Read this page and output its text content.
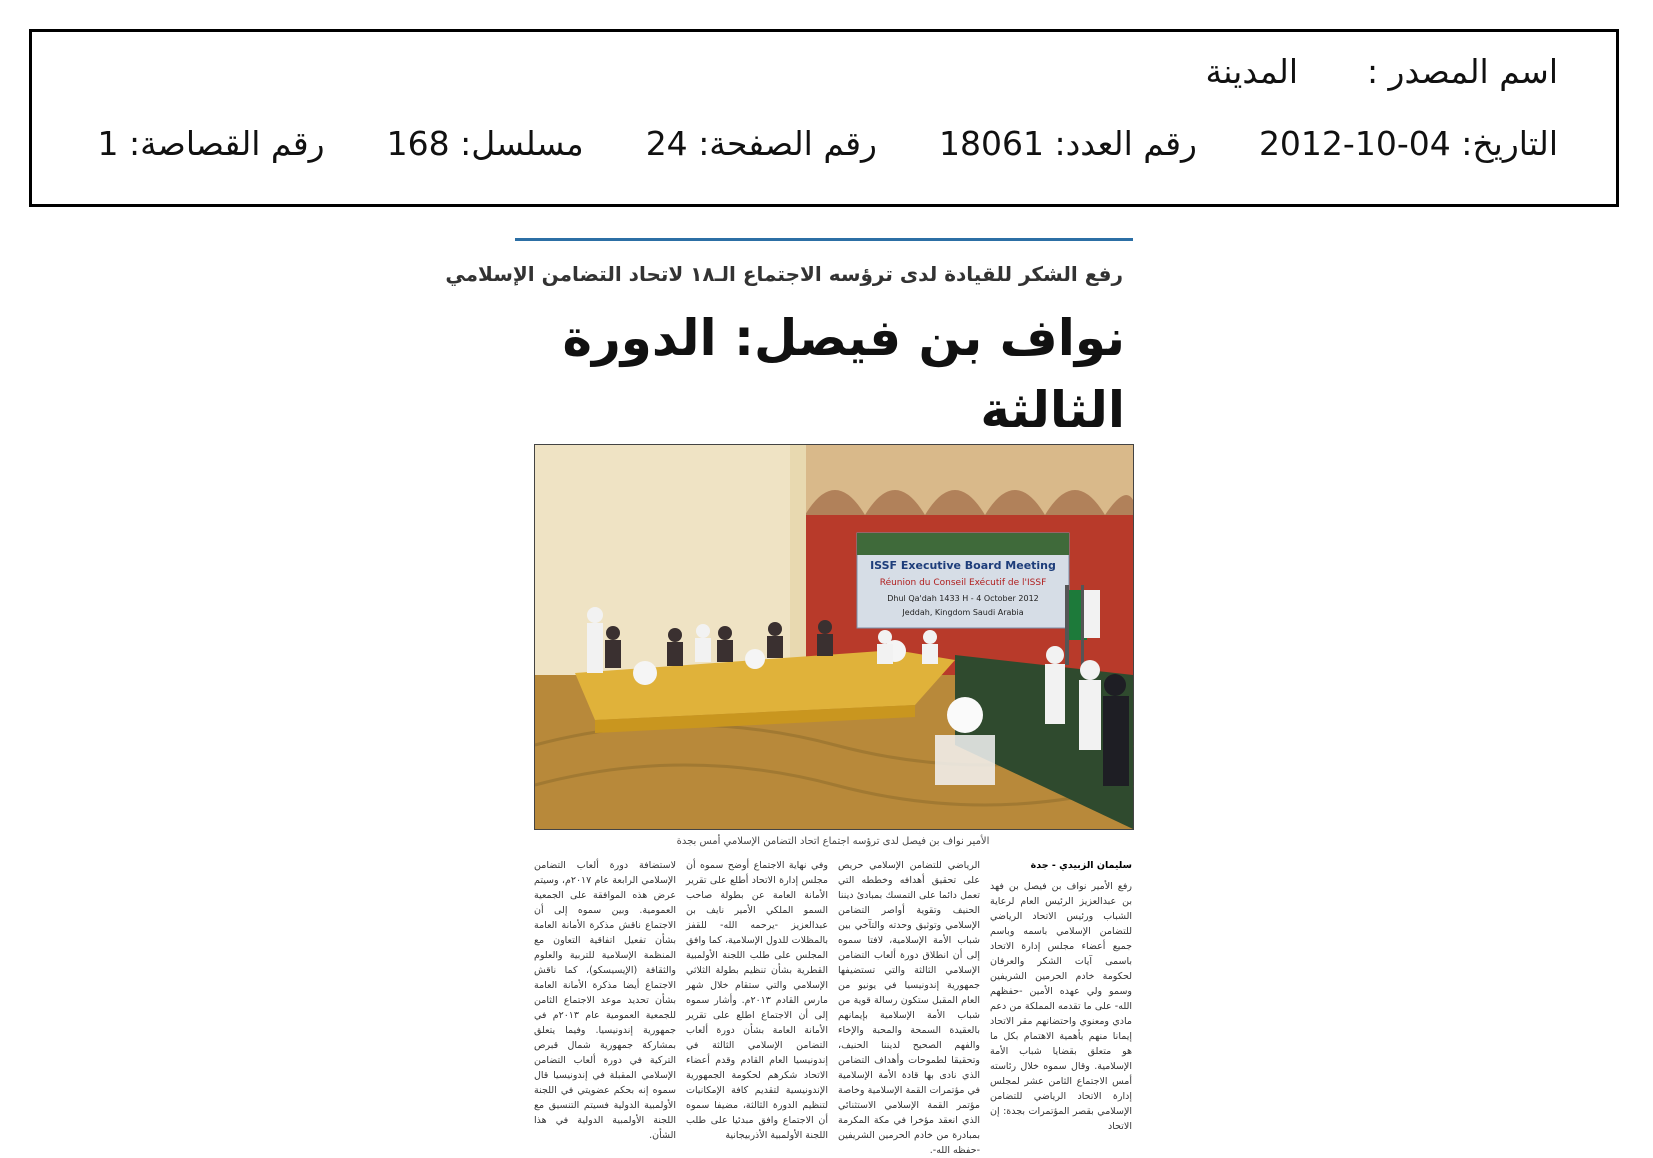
اسم المصدر :
المدينة
التاريخ: 2012-10-04
رقم العدد: 18061
رقم الصفحة: 24
مسلسل: 168
رقم القصاصة: 1
رفع الشكر للقيادة لدى ترؤسه الاجتماع الـ١٨ لاتحاد التضامن الإسلامي
نواف بن فيصل: الدورة الثالثة
ISSF Executive Board Meeting
Réunion du Conseil Exécutif de l'ISSF
Dhul Qa'dah 1433 H - 4 October 2012
Jeddah, Kingdom Saudi Arabia
الأمير نواف بن فيصل لدى ترؤسه اجتماع اتحاد التضامن الإسلامي أمس بجدة

سليمان الزبيدي - جدة

رفع الأمير نواف بن فيصل بن فهد بن عبدالعزيز الرئيس العام لرعاية الشباب ورئيس الاتحاد الرياضي للتضامن الإسلامي باسمه وباسم جميع أعضاء مجلس إدارة الاتحاد باسمى آيات الشكر والعرفان لحكومة خادم الحرمين الشريفين وسمو ولي عهده الأمين -حفظهم الله- على ما تقدمه المملكة من دعم مادي ومعنوي واحتضانهم مقر الاتحاد إيمانا منهم بأهمية الاهتمام بكل ما هو متعلق بقضايا شباب الأمة الإسلامية. وقال سموه خلال رئاسته أمس الاجتماع الثامن عشر لمجلس إدارة الاتحاد الرياضي للتضامن الإسلامي بقصر المؤتمرات بجدة: إن الاتحاد

الرياضي للتضامن الإسلامي حريص على تحقيق أهدافه وخططه التي تعمل دائما على التمسك بمبادئ ديننا الحنيف وتقوية أواصر التضامن الإسلامي وتوثيق وحدته والتآخي بين شباب الأمة الإسلامية، لافتا سموه إلى أن انطلاق دورة ألعاب التضامن الإسلامي الثالثة والتي تستضيفها جمهورية إندونيسيا في يونيو من العام المقبل ستكون رسالة قوية من شباب الأمة الإسلامية بإيمانهم بالعقيدة السمحة والمحبة والإخاء والفهم الصحيح لديننا الحنيف، وتحقيقا لطموحات وأهداف التضامن الذي نادى بها قادة الأمة الإسلامية في مؤتمرات القمة الإسلامية وخاصة مؤتمر القمة الإسلامي الاستثنائي الذي انعقد مؤخرا في مكة المكرمة بمبادرة من خادم الحرمين الشريفين -حفظه الله-.

وفي نهاية الاجتماع أوضح سموه أن مجلس إدارة الاتحاد أطلع على تقرير الأمانة العامة عن بطولة صاحب السمو الملكي الأمير نايف بن عبدالعزيز -يرحمه الله- للقفز بالمظلات للدول الإسلامية، كما وافق المجلس على طلب اللجنة الأولمبية القطرية بشأن تنظيم بطولة الثلاثي الإسلامي والتي ستقام خلال شهر مارس القادم ٢٠١٣م. وأشار سموه إلى أن الاجتماع اطلع على تقرير الأمانة العامة بشأن دورة ألعاب التضامن الإسلامي الثالثة في إندونيسيا العام القادم وقدم أعضاء الاتحاد شكرهم لحكومة الجمهورية الإندونيسية لتقديم كافة الإمكانيات لتنظيم الدورة الثالثة، مضيفا سموه أن الاجتماع وافق مبدئيا على طلب اللجنة الأولمبية الأذربيجانية

لاستضافة دورة ألعاب التضامن الإسلامي الرابعة عام ٢٠١٧م، وسيتم عرض هذه الموافقة على الجمعية العمومية. وبين سموه إلى أن الاجتماع ناقش مذكرة الأمانة العامة بشأن تفعيل اتفاقية التعاون مع المنظمة الإسلامية للتربية والعلوم والثقافة (الإيسيسكو)، كما ناقش الاجتماع أيضا مذكرة الأمانة العامة بشأن تحديد موعد الاجتماع الثامن للجمعية العمومية عام ٢٠١٣م في جمهورية إندونيسيا. وفيما يتعلق بمشاركة جمهورية شمال قبرص التركية في دورة ألعاب التضامن الإسلامي المقبلة في إندونيسيا قال سموه إنه بحكم عضويتي في اللجنة الأولمبية الدولية فسيتم التنسيق مع اللجنة الأولمبية الدولية في هذا الشأن.
